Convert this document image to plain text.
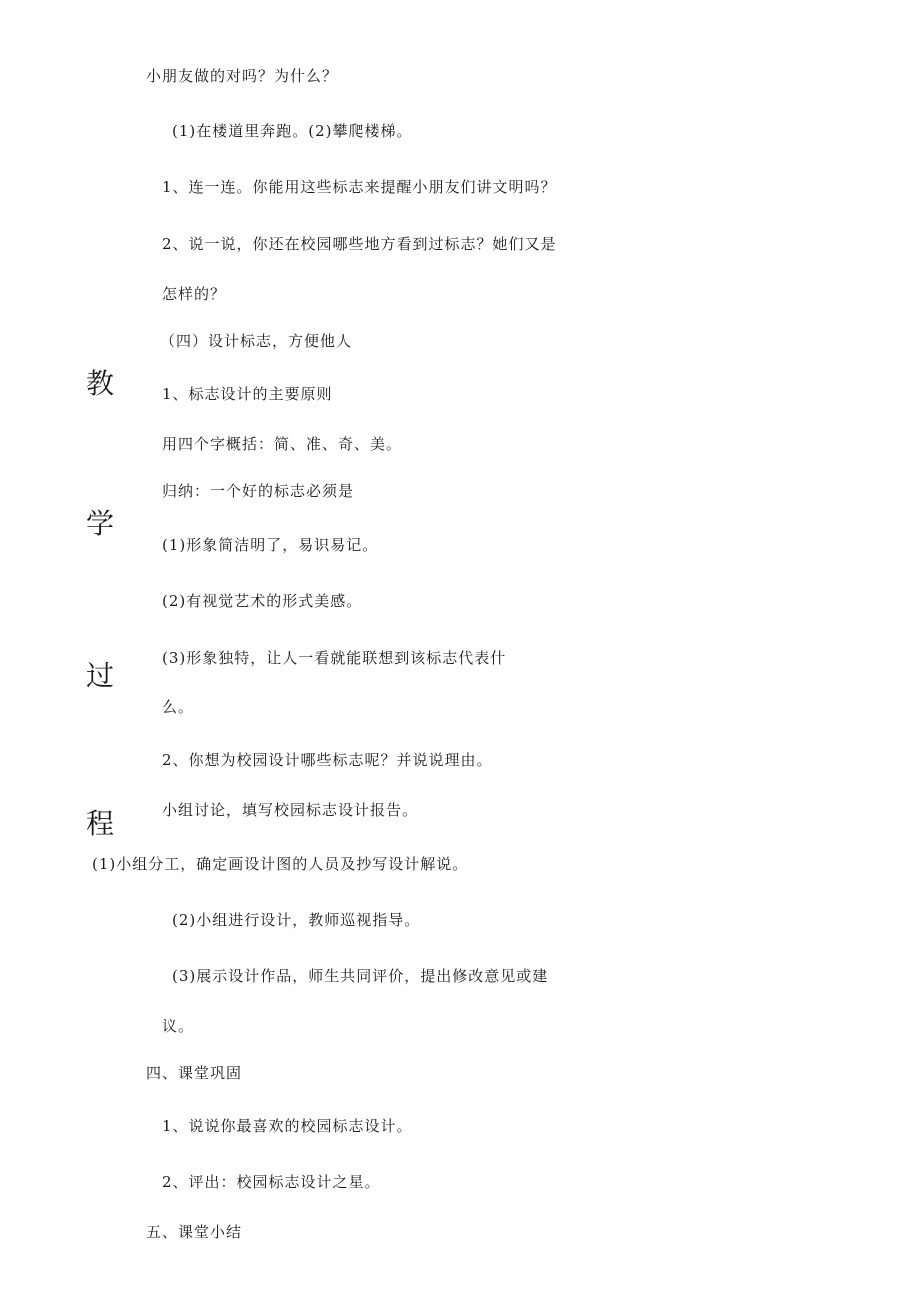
教
学
过
程
小朋友做的对吗？为什么？
(1)在楼道里奔跑。(2)攀爬楼梯。
1、连一连。你能用这些标志来提醒小朋友们讲文明吗？
2、说一说，你还在校园哪些地方看到过标志？她们又是
怎样的？
（四）设计标志，方便他人
1、标志设计的主要原则
用四个字概括：简、准、奇、美。
归纳：一个好的标志必须是
(1)形象简洁明了，易识易记。
(2)有视觉艺术的形式美感。
(3)形象独特，让人一看就能联想到该标志代表什
么。
2、你想为校园设计哪些标志呢？并说说理由。
小组讨论，填写校园标志设计报告。
(1)小组分工，确定画设计图的人员及抄写设计解说。
(2)小组进行设计，教师巡视指导。
(3)展示设计作品，师生共同评价，提出修改意见或建
议。
四、课堂巩固
1、说说你最喜欢的校园标志设计。
2、评出：校园标志设计之星。
五、课堂小结
